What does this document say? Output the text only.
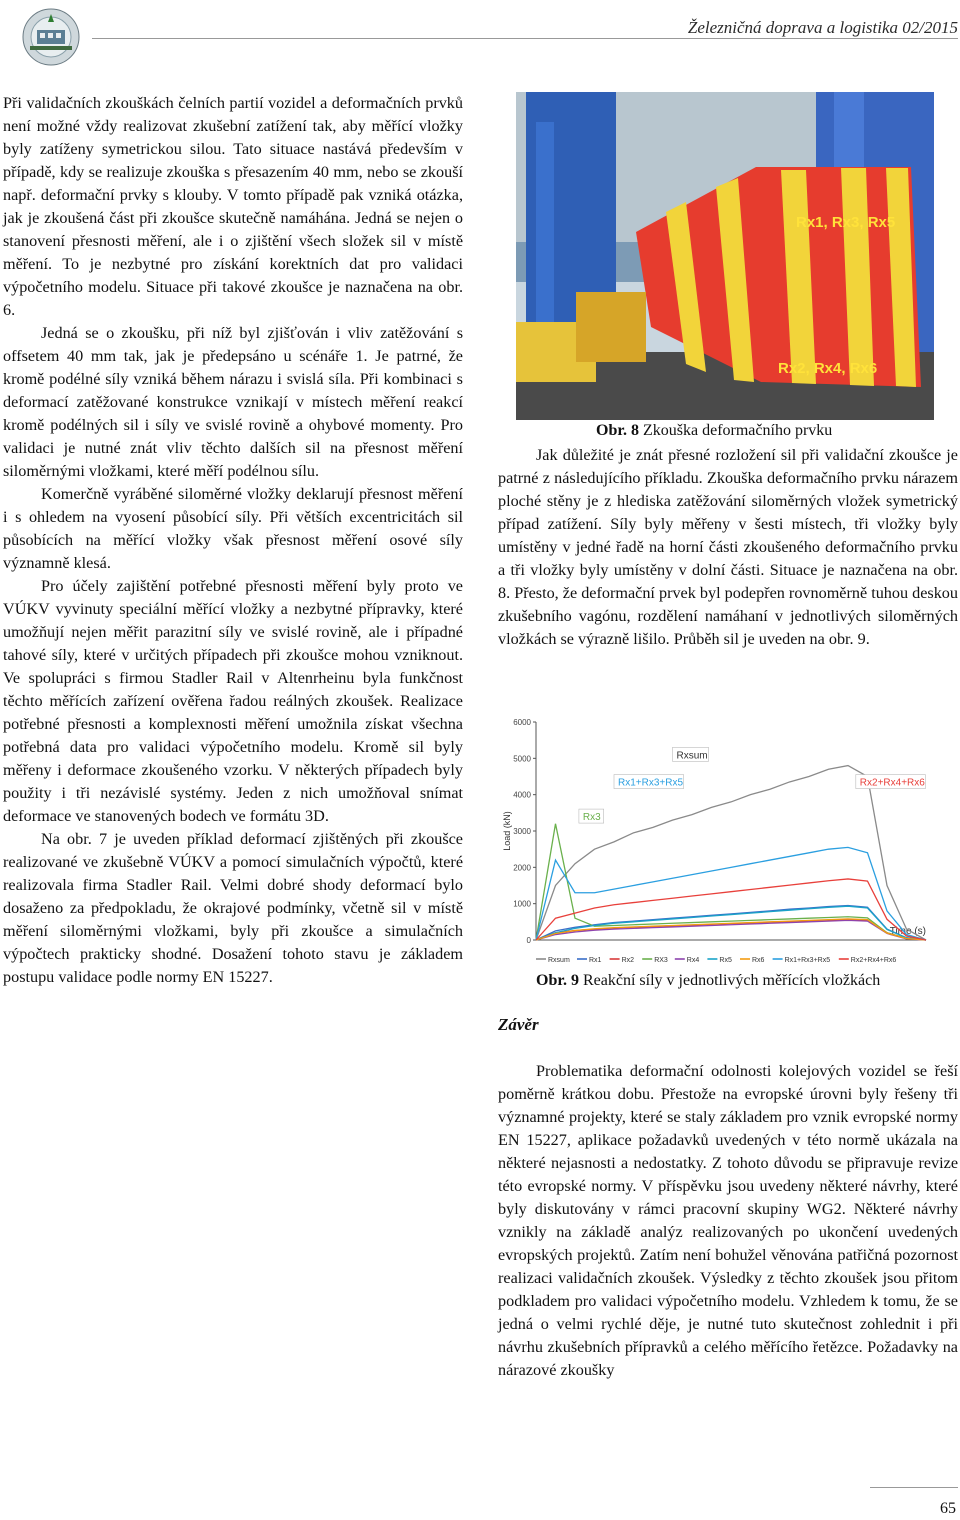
Železničná doprava a logistika 02/2015

Při validačních zkouškách čelních partií vozidel a deformačních prvků není možné vždy realizovat zkušební zatížení tak, aby měřící vložky byly zatíženy symetrickou silou. Tato situace nastává především v případě, kdy se realizuje zkouška s přesazením 40 mm, nebo se zkouší např. deformační prvky s klouby. V tomto případě pak vzniká otázka, jak je zkoušená část při zkoušce skutečně namáhána. Jedná se nejen o stanovení přesnosti měření, ale i o zjištění všech složek sil v místě měření. To je nezbytné pro získání korektních dat pro validaci výpočetního modelu. Situace při takové zkoušce je naznačena na obr. 6.

Jedná se o zkoušku, při níž byl zjišťován i vliv zatěžování s offsetem 40 mm tak, jak je předepsáno u scénáře 1. Je patrné, že kromě podélné síly vzniká během nárazu i svislá síla. Při kombinaci s deformací zatěžované konstrukce vznikají v místech měření reakcí kromě podélných sil i síly ve svislé rovině a ohybové momenty. Pro validaci je nutné znát vliv těchto dalších sil na přesnost měření siloměrnými vložkami, které měří podélnou sílu.

Komerčně vyráběné siloměrné vložky deklarují přesnost měření i s ohledem na vyosení působící síly. Při větších excentricitách sil působících na měřící vložky však přesnost měření osové síly významně klesá.

Pro účely zajištění potřebné přesnosti měření byly proto ve VÚKV vyvinuty speciální měřící vložky a nezbytné přípravky, které umožňují nejen měřit parazitní síly ve svislé rovině, ale i případné tahové síly, které v určitých případech při zkoušce mohou vzniknout. Ve spolupráci s firmou Stadler Rail v Altenrheinu byla funkčnost těchto měřících zařízení ověřena řadou reálných zkoušek. Realizace potřebné přesnosti a komplexnosti měření umožnila získat všechna potřebná data pro validaci výpočetního modelu. Kromě sil byly měřeny i deformace zkoušeného vzorku. V některých případech byly použity i tři nezávislé systémy. Jeden z nich umožňoval snímat deformace ve stanovených bodech ve formátu 3D.

Na obr. 7 je uveden příklad deformací zjištěných při zkoušce realizované ve zkušebně VÚKV a pomocí simulačních výpočtů, které realizovala firma Stadler Rail. Velmi dobré shody deformací bylo dosaženo za předpokladu, že okrajové podmínky, včetně sil v místě měření siloměrnými vložkami, byly při zkoušce a simulačních výpočtech prakticky shodné. Dosažení tohoto stavu je základem postupu validace podle normy EN 15227.

Rx1, Rx3, Rx5
Rx2, Rx4, Rx6
Obr. 8 Zkouška deformačního prvku

Jak důležité je znát přesné rozložení sil při validační zkoušce je patrné z následujícího příkladu. Zkouška deformačního prvku nárazem ploché stěny je z hlediska zatěžování siloměrných vložek symetrický případ zatížení. Síly byly měřeny v šesti místech, tři vložky byly umístěny v jedné řadě na horní části zkoušeného deformačního prvku a tři vložky byly umístěny v dolní části. Situace je naznačena na obr. 8. Přesto, že deformační prvek byl podepřen rovnoměrně tuhou deskou zkušebního vagónu, rozdělení namáhaní v jednotlivých siloměrných vložkách se výrazně lišilo. Průběh sil je uveden na obr. 9.

0
1000
2000
3000
4000
5000
6000
Load (kN)
Time (s)
Rxsum
Rx1+Rx3+Rx5	Rx2+Rx4+Rx6
Rx3
Rxsum	Rx1	Rx2	RX3	Rx4	Rx5	Rx6	Rx1+Rx3+Rx5	Rx2+Rx4+Rx6
Obr. 9 Reakční síly v jednotlivých měřících vložkách
Závěr

Problematika deformační odolnosti kolejových vozidel se řeší poměrně krátkou dobu. Přestože na evropské úrovni byly řešeny tři významné projekty, které se staly základem pro vznik evropské normy EN 15227, aplikace požadavků uvedených v této normě ukázala na některé nejasnosti a nedostatky. Z tohoto důvodu se připravuje revize této evropské normy. V příspěvku jsou uvedeny některé návrhy, které byly diskutovány v rámci pracovní skupiny WG2. Některé návrhy vznikly na základě analýz realizovaných po ukončení uvedených evropských projektů. Zatím není bohužel věnována patřičná pozornost realizaci validačních zkoušek. Výsledky z těchto zkoušek jsou přitom podkladem pro validaci výpočetního modelu. Vzhledem k tomu, že se jedná o velmi rychlé děje, je nutné tuto skutečnost zohlednit i při návrhu zkušebních přípravků a celého měřícího řetězce. Požadavky na nárazové zkoušky

65
